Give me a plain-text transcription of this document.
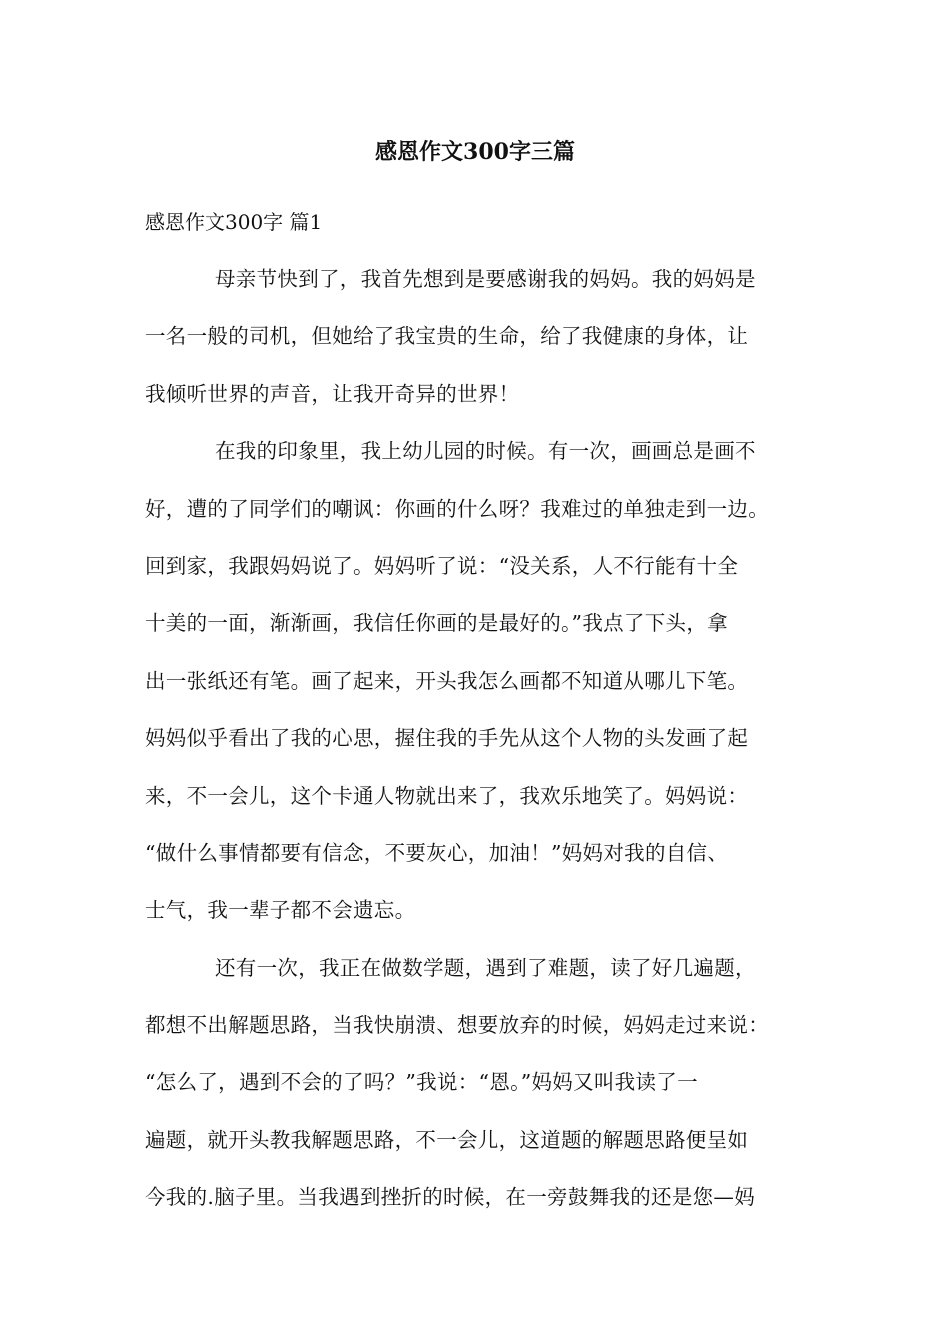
感恩作文300字三篇
感恩作文300字 篇1
母亲节快到了，我首先想到是要感谢我的妈妈。我的妈妈是
一名一般的司机，但她给了我宝贵的生命，给了我健康的身体，让
我倾听世界的声音，让我开奇异的世界！
在我的印象里，我上幼儿园的时候。有一次，画画总是画不
好，遭的了同学们的嘲讽：你画的什么呀？我难过的单独走到一边。
回到家，我跟妈妈说了。妈妈听了说：“没关系，人不行能有十全
十美的一面，渐渐画，我信任你画的是最好的。”我点了下头，拿
出一张纸还有笔。画了起来，开头我怎么画都不知道从哪儿下笔。
妈妈似乎看出了我的心思，握住我的手先从这个人物的头发画了起
来，不一会儿，这个卡通人物就出来了，我欢乐地笑了。妈妈说：
“做什么事情都要有信念，不要灰心，加油！”妈妈对我的自信、
士气，我一辈子都不会遗忘。
还有一次，我正在做数学题，遇到了难题，读了好几遍题，
都想不出解题思路，当我快崩溃、想要放弃的时候，妈妈走过来说：
“怎么了，遇到不会的了吗？”我说：“恩。”妈妈又叫我读了一
遍题，就开头教我解题思路，不一会儿，这道题的解题思路便呈如
今我的.脑子里。当我遇到挫折的时候，在一旁鼓舞我的还是您—妈
